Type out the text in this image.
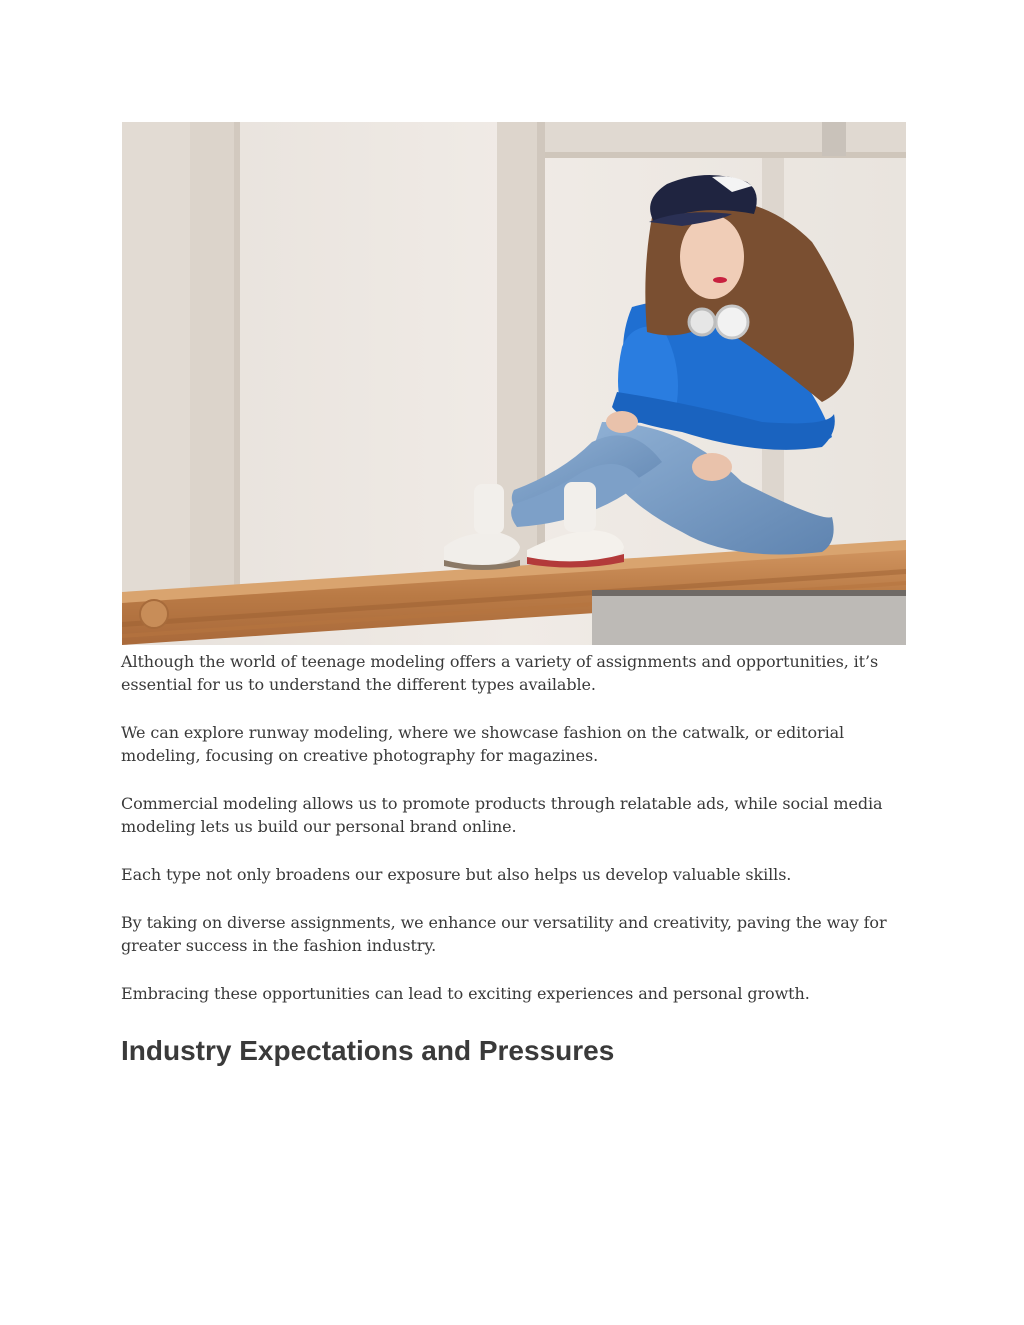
Although the world of teenage modeling offers a variety of assignments and opportunities, it’s essential for us to understand the different types available.

We can explore runway modeling, where we showcase fashion on the catwalk, or editorial modeling, focusing on creative photography for magazines.

Commercial modeling allows us to promote products through relatable ads, while social media modeling lets us build our personal brand online.

Each type not only broadens our exposure but also helps us develop valuable skills.

By taking on diverse assignments, we enhance our versatility and creativity, paving the way for greater success in the fashion industry.

Embracing these opportunities can lead to exciting experiences and personal growth.

Industry Expectations and Pressures
